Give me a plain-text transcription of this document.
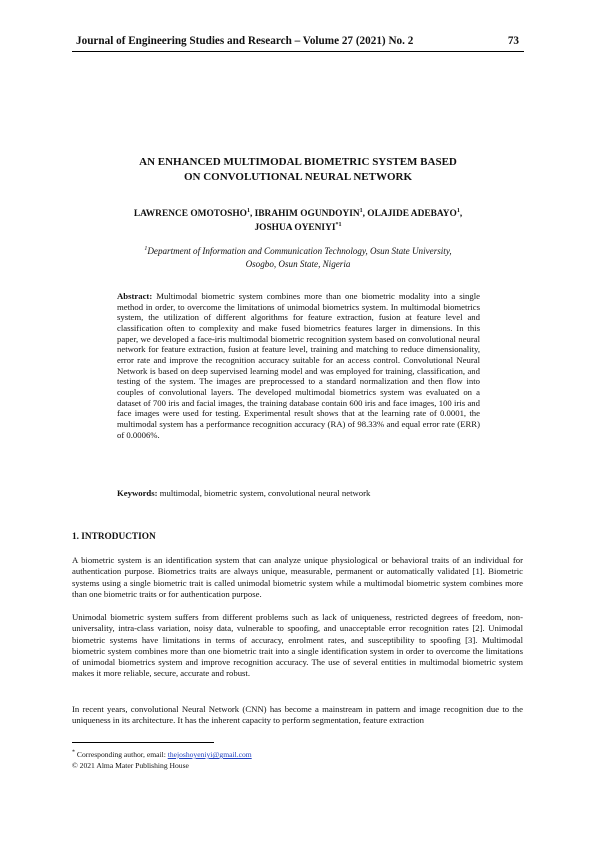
Journal of Engineering Studies and Research – Volume 27 (2021) No. 2	73
AN ENHANCED MULTIMODAL BIOMETRIC SYSTEM BASED
ON CONVOLUTIONAL NEURAL NETWORK
LAWRENCE OMOTOSHO$^1$, IBRAHIM OGUNDOYIN$^1$, OLAJIDE ADEBAYO$^1$,
JOSHUA OYENIYI$^{*1}$
$^1$Department of Information and Communication Technology, Osun State University,
Osogbo, Osun State, Nigeria

Abstract: Multimodal biometric system combines more than one biometric modality into a single method in order, to overcome the limitations of unimodal biometrics system. In multimodal biometrics system, the utilization of different algorithms for feature extraction, fusion at feature level and classification often to complexity and make fused biometrics features larger in dimensions. In this paper, we developed a face-iris multimodal biometric recognition system based on convolutional neural network for feature extraction, fusion at feature level, training and matching to reduce dimensionality, error rate and improve the recognition accuracy suitable for an access control. Convolutional Neural Network is based on deep supervised learning model and was employed for training, classification, and testing of the system. The images are preprocessed to a standard normalization and then flow into couples of convolutional layers. The developed multimodal biometrics system was evaluated on a dataset of 700 iris and facial images, the training database contain 600 iris and face images, 100 iris and face images were used for testing. Experimental result shows that at the learning rate of 0.0001, the multimodal system has a performance recognition accuracy (RA) of 98.33% and equal error rate (ERR) of 0.0006%.

Keywords: multimodal, biometric system, convolutional neural network

1. INTRODUCTION

A biometric system is an identification system that can analyze unique physiological or behavioral traits of an individual for authentication purpose. Biometrics traits are always unique, measurable, permanent or automatically validated [1]. Biometric systems using a single biometric trait is called unimodal biometric system while a multimodal biometric system combines more than one biometric traits or for authentication purpose.

Unimodal biometric system suffers from different problems such as lack of uniqueness, restricted degrees of freedom, non-universality, intra-class variation, noisy data, vulnerable to spoofing, and unacceptable error recognition rates [2]. Unimodal biometric systems have limitations in terms of accuracy, enrolment rates, and susceptibility to spoofing [3]. Multimodal biometric system combines more than one biometric trait into a single identification system in order to overcome the limitations of unimodal biometrics system and improve recognition accuracy. The use of several entities in multimodal biometric system makes it more reliable, secure, accurate and robust.

In recent years, convolutional Neural Network (CNN) has become a mainstream in pattern and image recognition due to the uniqueness in its architecture. It has the inherent capacity to perform segmentation, feature extraction

* Corresponding author, email: thejoshoyeniyi@gmail.com
© 2021 Alma Mater Publishing House
